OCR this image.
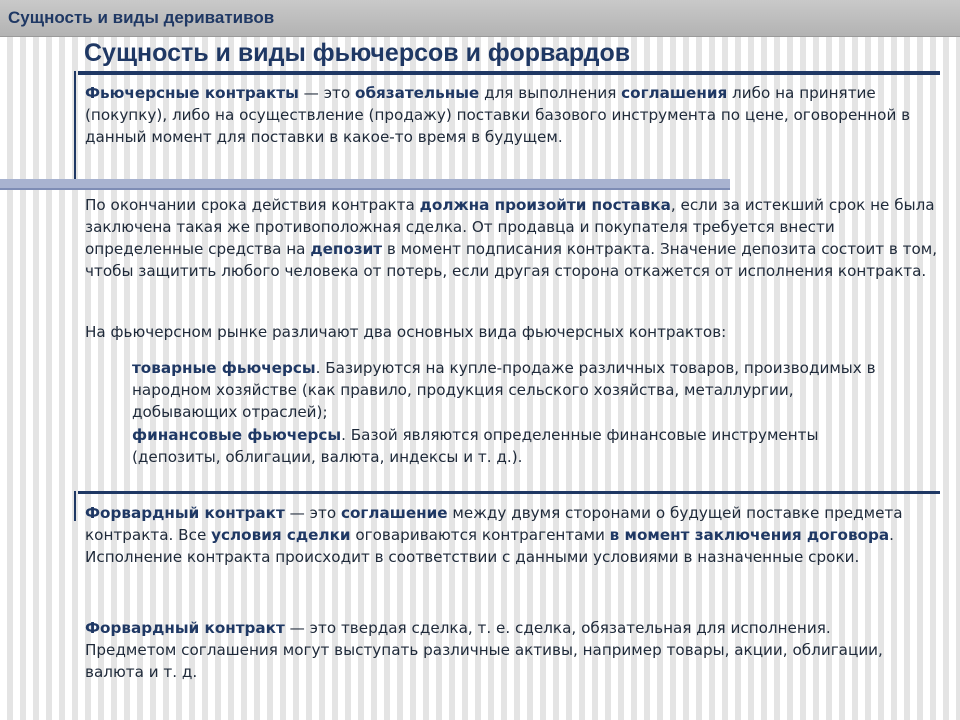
Сущность и виды деривативов
Сущность и виды фьючерсов и форвардов

Фьючерсные контракты — это обязательные для выполнения соглашения либо на принятие (покупку), либо на осуществление (продажу) поставки базового инструмента по цене, оговоренной в данный момент для поставки в какое-то время в будущем.

По окончании срока действия контракта должна произойти поставка, если за истекший срок не была заключена такая же противоположная сделка. От продавца и покупателя требуется внести определенные средства на депозит в момент подписания контракта. Значение депозита состоит в том, чтобы защитить любого человека от потерь, если другая сторона откажется от исполнения контракта.

На фьючерсном рынке различают два основных вида фьючерсных контрактов:

товарные фьючерсы. Базируются на купле-продаже различных товаров, производимых в народном хозяйстве (как правило, продукция сельского хозяйства, металлургии, добывающих отраслей);

финансовые фьючерсы. Базой являются определенные финансовые инструменты (депозиты, облигации, валюта, индексы и т. д.).

Форвардный контракт — это соглашение между двумя сторонами о будущей поставке предмета контракта. Все условия сделки оговариваются контрагентами в момент заключения договора. Исполнение контракта происходит в соответствии с данными условиями в назначенные сроки.

Форвардный контракт — это твердая сделка, т. е. сделка, обязательная для исполнения. Предметом соглашения могут выступать различные активы, например товары, акции, облигации, валюта и т. д.
